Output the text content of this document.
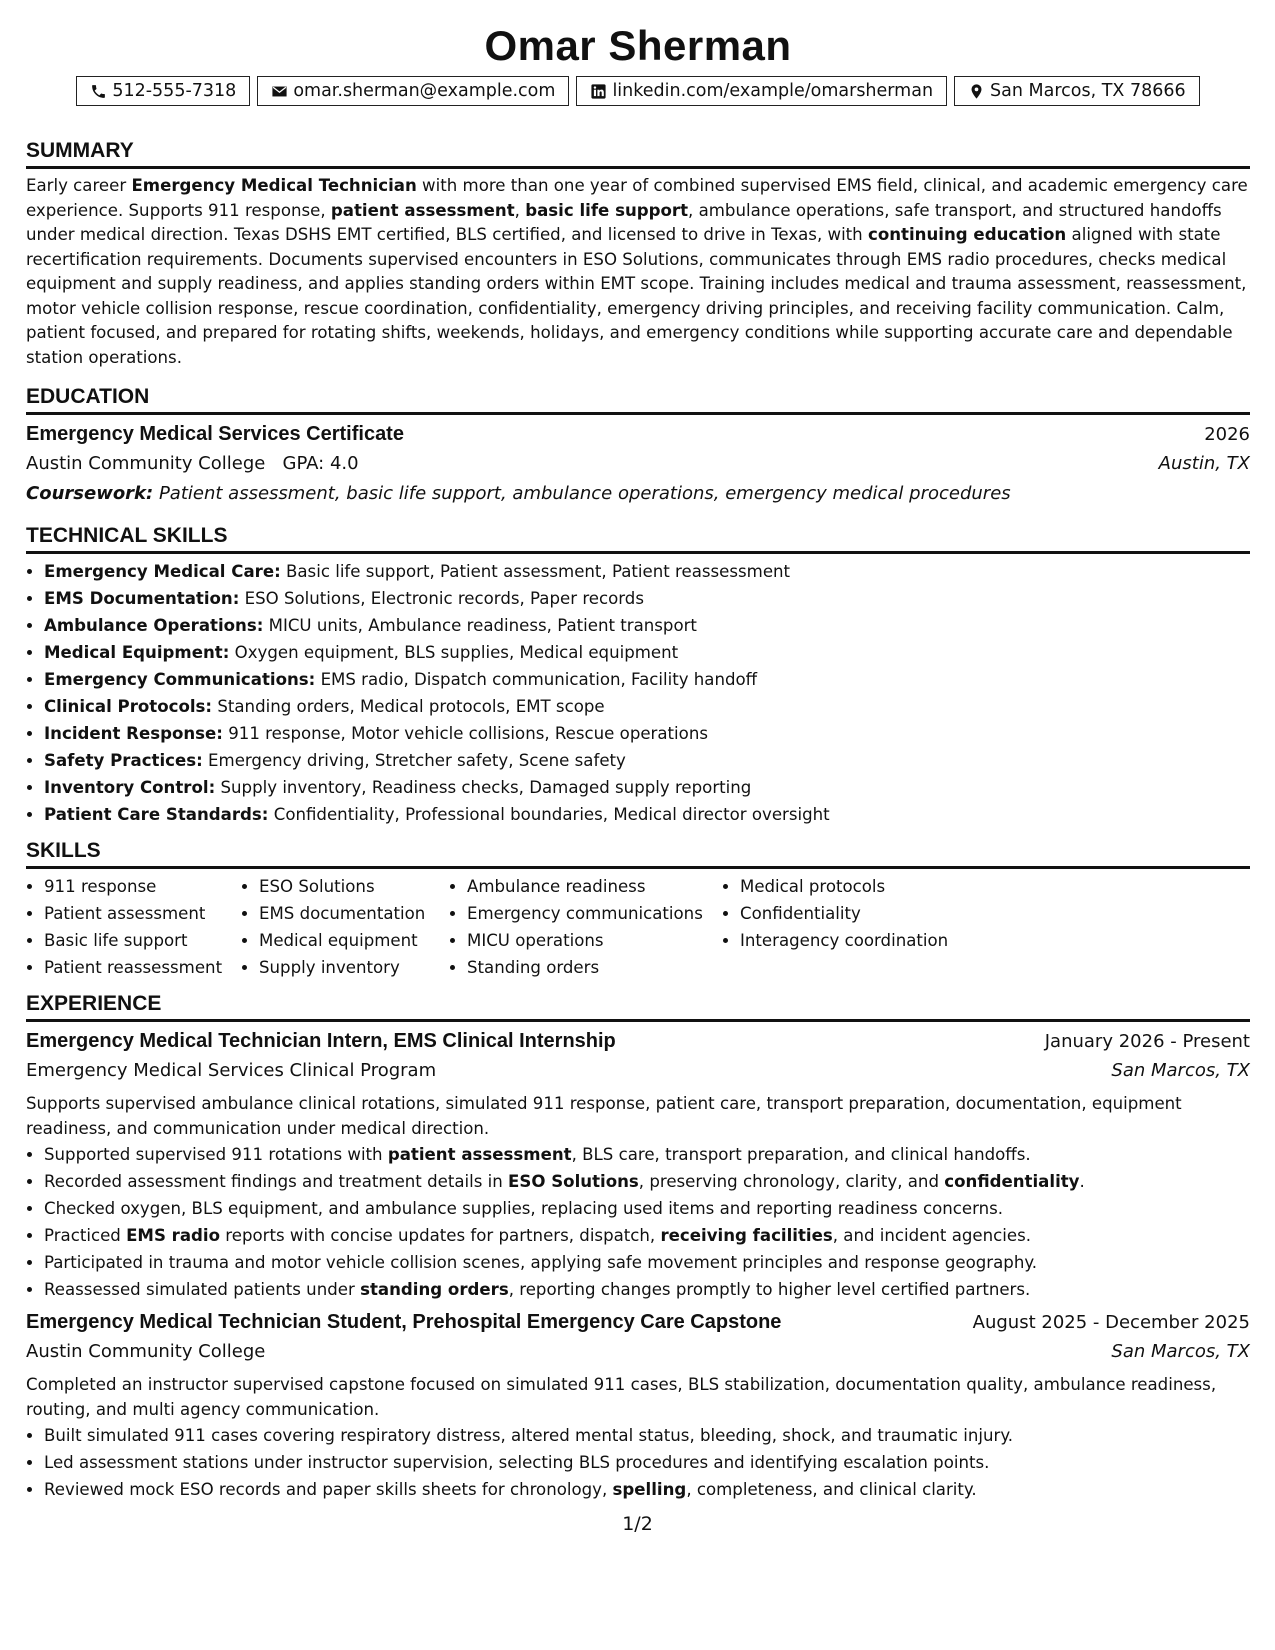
Omar Sherman
512-555-7318	omar.sherman@example.com	linkedin.com/example/omarsherman	San Marcos, TX 78666
SUMMARY

Early career Emergency Medical Technician with more than one year of combined supervised EMS field, clinical, and academic emergency care experience. Supports 911 response, patient assessment, basic life support, ambulance operations, safe transport, and structured handoffs under medical direction. Texas DSHS EMT certified, BLS certified, and licensed to drive in Texas, with continuing education aligned with state recertification requirements. Documents supervised encounters in ESO Solutions, communicates through EMS radio procedures, checks medical equipment and supply readiness, and applies standing orders within EMT scope. Training includes medical and trauma assessment, reassessment, motor vehicle collision response, rescue coordination, confidentiality, emergency driving principles, and receiving facility communication. Calm, patient focused, and prepared for rotating shifts, weekends, holidays, and emergency conditions while supporting accurate care and dependable station operations.

EDUCATION
Emergency Medical Services Certificate	2026
Austin Community College GPA: 4.0	Austin, TX
Coursework: Patient assessment, basic life support, ambulance operations, emergency medical procedures
TECHNICAL SKILLS
• Emergency Medical Care: Basic life support, Patient assessment, Patient reassessment
• EMS Documentation: ESO Solutions, Electronic records, Paper records
• Ambulance Operations: MICU units, Ambulance readiness, Patient transport
• Medical Equipment: Oxygen equipment, BLS supplies, Medical equipment
• Emergency Communications: EMS radio, Dispatch communication, Facility handoff
• Clinical Protocols: Standing orders, Medical protocols, EMT scope
• Incident Response: 911 response, Motor vehicle collisions, Rescue operations
• Safety Practices: Emergency driving, Stretcher safety, Scene safety
• Inventory Control: Supply inventory, Readiness checks, Damaged supply reporting
• Patient Care Standards: Confidentiality, Professional boundaries, Medical director oversight
SKILLS
• 911 response
• Patient assessment
• Basic life support
• Patient reassessment
• ESO Solutions
• EMS documentation
• Medical equipment
• Supply inventory
• Ambulance readiness
• Emergency communications
• MICU operations
• Standing orders
• Medical protocols
• Confidentiality
• Interagency coordination
EXPERIENCE
Emergency Medical Technician Intern, EMS Clinical Internship	January 2026 - Present
Emergency Medical Services Clinical Program	San Marcos, TX

Supports supervised ambulance clinical rotations, simulated 911 response, patient care, transport preparation, documentation, equipment readiness, and communication under medical direction.

• Supported supervised 911 rotations with patient assessment, BLS care, transport preparation, and clinical handoffs.
• Recorded assessment findings and treatment details in ESO Solutions, preserving chronology, clarity, and confidentiality.
• Checked oxygen, BLS equipment, and ambulance supplies, replacing used items and reporting readiness concerns.
• Practiced EMS radio reports with concise updates for partners, dispatch, receiving facilities, and incident agencies.
• Participated in trauma and motor vehicle collision scenes, applying safe movement principles and response geography.
• Reassessed simulated patients under standing orders, reporting changes promptly to higher level certified partners.
Emergency Medical Technician Student, Prehospital Emergency Care Capstone	August 2025 - December 2025
Austin Community College	San Marcos, TX

Completed an instructor supervised capstone focused on simulated 911 cases, BLS stabilization, documentation quality, ambulance readiness, routing, and multi agency communication.

• Built simulated 911 cases covering respiratory distress, altered mental status, bleeding, shock, and traumatic injury.
• Led assessment stations under instructor supervision, selecting BLS procedures and identifying escalation points.
• Reviewed mock ESO records and paper skills sheets for chronology, spelling, completeness, and clinical clarity.
1/2
